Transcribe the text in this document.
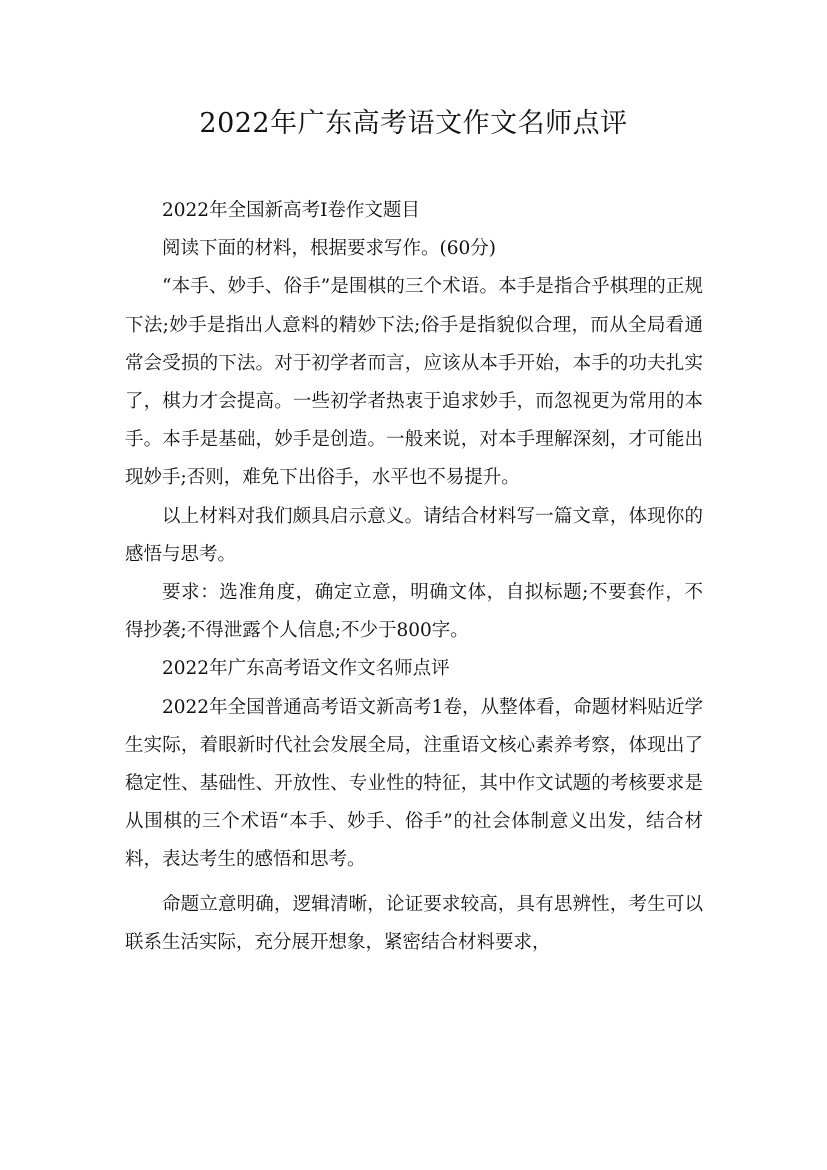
2022年广东高考语文作文名师点评

2022年全国新高考Ⅰ卷作文题目

阅读下面的材料，根据要求写作。(60分)

“本手、妙手、俗手”是围棋的三个术语。本手是指合乎棋理的正规下法;妙手是指出人意料的精妙下法;俗手是指貌似合理，而从全局看通常会受损的下法。对于初学者而言，应该从本手开始，本手的功夫扎实了，棋力才会提高。一些初学者热衷于追求妙手，而忽视更为常用的本手。本手是基础，妙手是创造。一般来说，对本手理解深刻，才可能出现妙手;否则，难免下出俗手，水平也不易提升。

以上材料对我们颇具启示意义。请结合材料写一篇文章，体现你的感悟与思考。

要求：选准角度，确定立意，明确文体，自拟标题;不要套作，不得抄袭;不得泄露个人信息;不少于800字。

2022年广东高考语文作文名师点评

2022年全国普通高考语文新高考1卷，从整体看，命题材料贴近学生实际，着眼新时代社会发展全局，注重语文核心素养考察，体现出了稳定性、基础性、开放性、专业性的特征，其中作文试题的考核要求是从围棋的三个术语“本手、妙手、俗手”的社会体制意义出发，结合材料，表达考生的感悟和思考。

命题立意明确，逻辑清晰，论证要求较高，具有思辨性，考生可以联系生活实际，充分展开想象，紧密结合材料要求，
